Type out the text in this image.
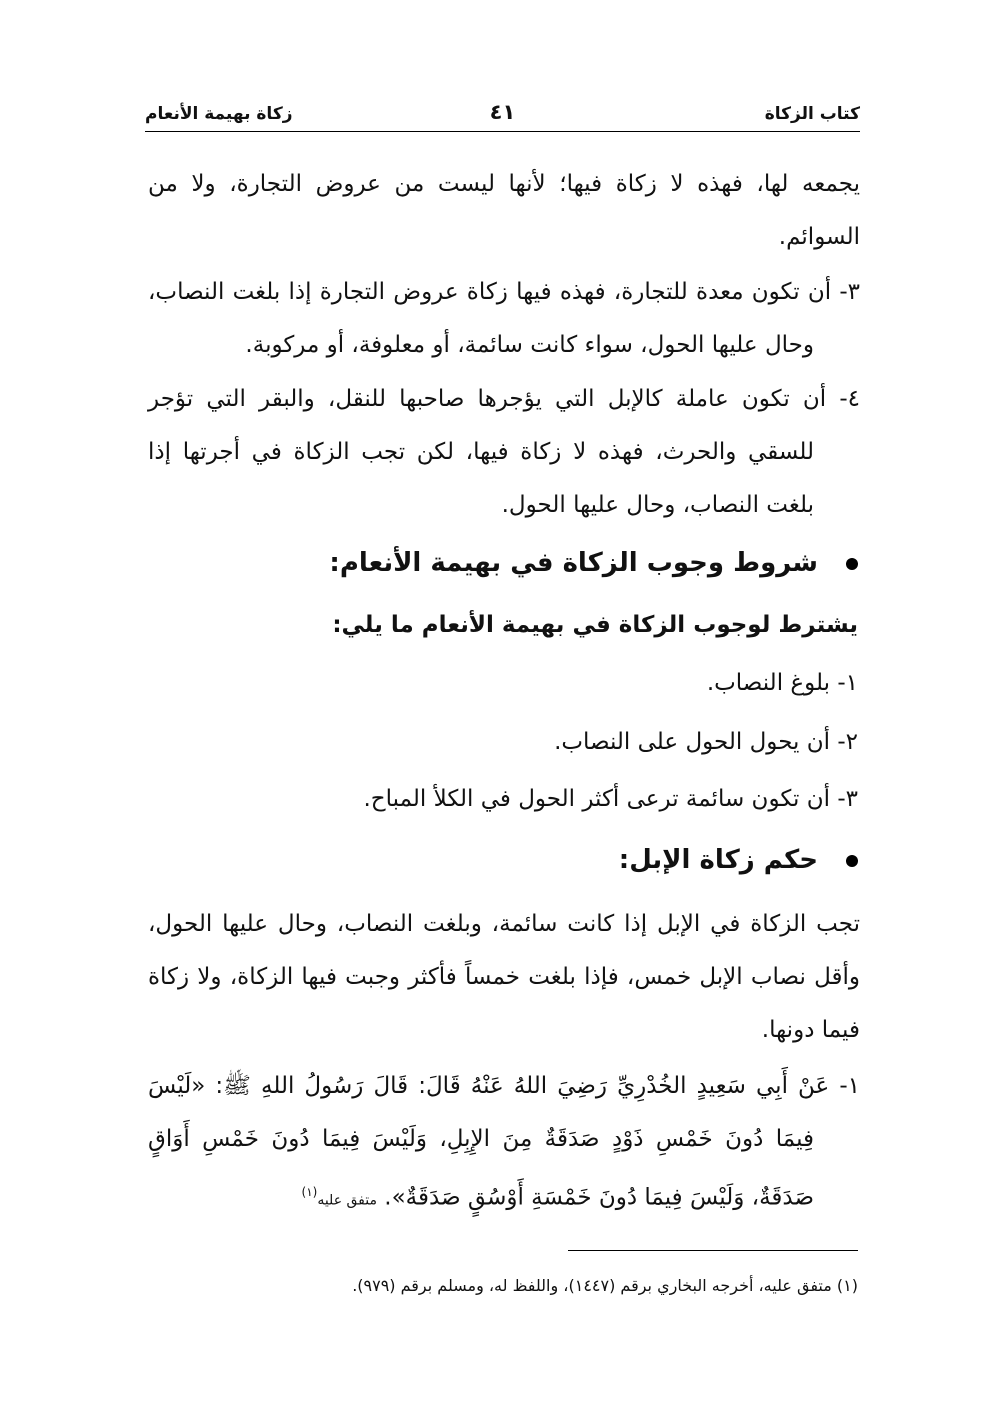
كتاب الزكاة
٤١
زكاة بهيمة الأنعام
يجمعه لها، فهذه لا زكاة فيها؛ لأنها ليست من عروض التجارة، ولا من السوائم.
٣- أن تكون معدة للتجارة، فهذه فيها زكاة عروض التجارة إذا بلغت النصاب، وحال عليها الحول، سواء كانت سائمة، أو معلوفة، أو مركوبة.
٤- أن تكون عاملة كالإبل التي يؤجرها صاحبها للنقل، والبقر التي تؤجر للسقي والحرث، فهذه لا زكاة فيها، لكن تجب الزكاة في أجرتها إذا بلغت النصاب، وحال عليها الحول.
شروط وجوب الزكاة في بهيمة الأنعام:
يشترط لوجوب الزكاة في بهيمة الأنعام ما يلي:
١- بلوغ النصاب.
٢- أن يحول الحول على النصاب.
٣- أن تكون سائمة ترعى أكثر الحول في الكلأ المباح.
حكم زكاة الإبل:
تجب الزكاة في الإبل إذا كانت سائمة، وبلغت النصاب، وحال عليها الحول، وأقل نصاب الإبل خمس، فإذا بلغت خمساً فأكثر وجبت فيها الزكاة، ولا زكاة فيما دونها.
١- عَنْ أَبِي سَعِيدٍ الخُدْرِيِّ رَضِيَ اللهُ عَنْهُ قَالَ: قَالَ رَسُولُ اللهِ ﷺ: «لَيْسَ فِيمَا دُونَ خَمْسِ ذَوْدٍ صَدَقَةٌ مِنَ الإِبِلِ، وَلَيْسَ فِيمَا دُونَ خَمْسِ أَوَاقٍ صَدَقَةٌ، وَلَيْسَ فِيمَا دُونَ خَمْسَةِ أَوْسُقٍ صَدَقَةٌ». متفق عليه$^{(١)}$
(١) متفق عليه، أخرجه البخاري برقم (١٤٤٧)، واللفظ له، ومسلم برقم (٩٧٩).
